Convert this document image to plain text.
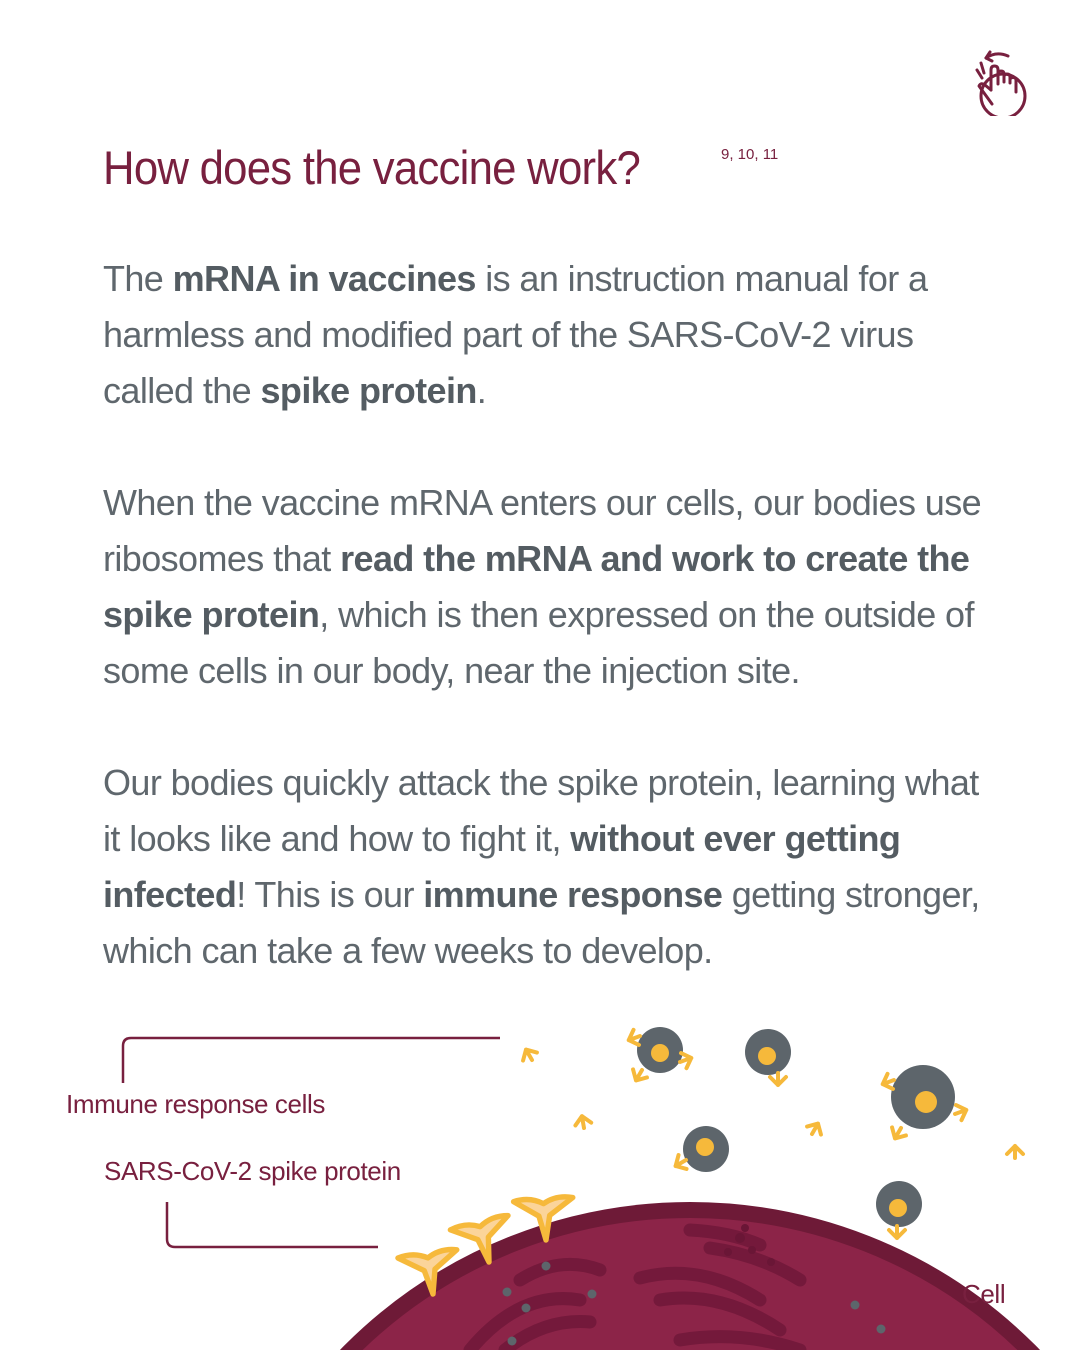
How does the vaccine work?	9, 10, 11

The mRNA in vaccines is an instruction manual for a harmless and modified part of the SARS-CoV-2 virus called the spike protein.

When the vaccine mRNA enters our cells, our bodies use ribosomes that read the mRNA and work to create the spike protein, which is then expressed on the outside of some cells in our body, near the injection site.

Our bodies quickly attack the spike protein, learning what it looks like and how to fight it, without ever getting infected! This is our immune response getting stronger, which can take a few weeks to develop.

Immune response cells
SARS-CoV-2 spike protein
Cell
